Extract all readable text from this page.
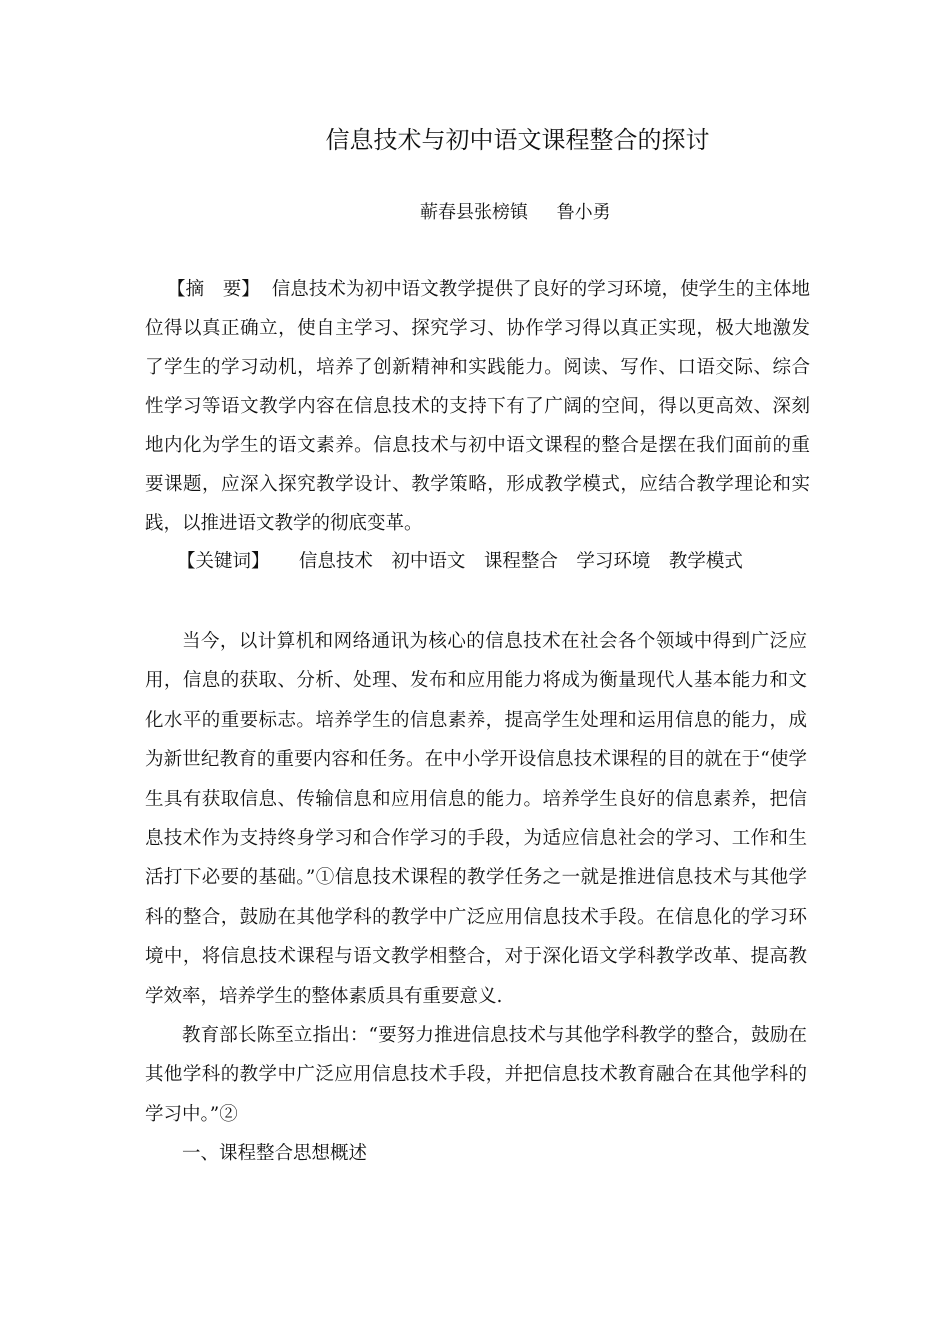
信息技术与初中语文课程整合的探讨
蕲春县张榜镇     鲁小勇
【摘　要】 信息技术为初中语文教学提供了良好的学习环境，使学生的主体地位得以真正确立，使自主学习、探究学习、协作学习得以真正实现，极大地激发了学生的学习动机，培养了创新精神和实践能力。阅读、写作、口语交际、综合性学习等语文教学内容在信息技术的支持下有了广阔的空间，得以更高效、深刻地内化为学生的语文素养。信息技术与初中语文课程的整合是摆在我们面前的重要课题，应深入探究教学设计、教学策略，形成教学模式，应结合教学理论和实践，以推进语文教学的彻底变革。
【关键词】 信息技术　初中语文　课程整合　学习环境　教学模式

当今，以计算机和网络通讯为核心的信息技术在社会各个领域中得到广泛应用，信息的获取、分析、处理、发布和应用能力将成为衡量现代人基本能力和文化水平的重要标志。培养学生的信息素养，提高学生处理和运用信息的能力，成为新世纪教育的重要内容和任务。在中小学开设信息技术课程的目的就在于“使学生具有获取信息、传输信息和应用信息的能力。培养学生良好的信息素养，把信息技术作为支持终身学习和合作学习的手段，为适应信息社会的学习、工作和生活打下必要的基础。”①信息技术课程的教学任务之一就是推进信息技术与其他学科的整合，鼓励在其他学科的教学中广泛应用信息技术手段。在信息化的学习环境中，将信息技术课程与语文教学相整合，对于深化语文学科教学改革、提高教学效率，培养学生的整体素质具有重要意义.

教育部长陈至立指出：“要努力推进信息技术与其他学科教学的整合，鼓励在其他学科的教学中广泛应用信息技术手段，并把信息技术教育融合在其他学科的学习中。”②

一、课程整合思想概述
